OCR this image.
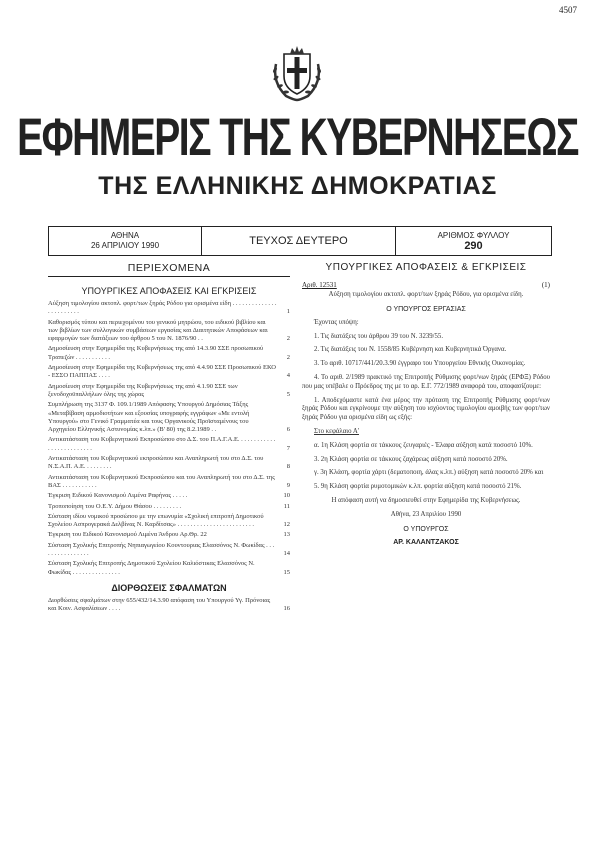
4507
ΕΦΗΜΕΡΙΣ ΤΗΣ ΚΥΒΕΡΝΗΣΕΩΣ
ΤΗΣ ΕΛΛΗΝΙΚΗΣ ΔΗΜΟΚΡΑΤΙΑΣ
ΑΘΗΝΑ
26 ΑΠΡΙΛΙΟΥ 1990	ΤΕΥΧΟΣ ΔΕΥΤΕΡΟ	ΑΡΙΘΜΟΣ ΦΥΛΛΟΥ
290
ΠΕΡΙΕΧΟΜΕΝΑ
ΥΠΟΥΡΓΙΚΕΣ ΑΠΟΦΑΣΕΙΣ ΚΑΙ ΕΓΚΡΙΣΕΙΣ
Αύξηση τιμολογίου ακτοπλ. φορτ/των ξηράς Ρόδου για ορισμένα είδη . . . . . . . . . . . . . . . . . . . . . . . .	1
Καθορισμός τύπου και περιεχομένου του γενικού μητρώου, του ειδικού βιβλίου και των βιβλίων των συλλογικών συμβάσεων εργασίας και Διαιτητικών Αποφάσεων και εφαρμογών των διατάξεων του άρθρου 5 του Ν. 1876/90 . .	2
Δημοσίευση στην Εφημερίδα της Κυβερνήσεως της από 14.3.90 ΣΣΕ προσωπικού Τραπεζών . . . . . . . . . . .	2
Δημοσίευση στην Εφημερίδα της Κυβερνήσεως της από 4.4.90 ΣΣΕ Προσωπικού ΕΚΟ - ΕΣΣΟ ΠΑΠΠΑΣ . . . .	4
Δημοσίευση στην Εφημερίδα της Κυβερνήσεως της από 4.1.90 ΣΣΕ των ξενοδοχοϋπαλλήλων όλης της χώρας	5
Συμπλήρωση της 3137 Φ. 109.1/1989 Απόφασης Υπουργού Δημόσιας Τάξης «Μεταβίβαση αρμοδιοτήτων και εξουσίας υπογραφής εγγράφων «Με εντολή Υπουργού» στο Γενικό Γραμματέα και τους Οργανικούς Προϊσταμένους του Αρχηγείου Ελληνικής Αστυνομίας κ.λπ.» (Β' 80) της 8.2.1989 . .	6
Αντικατάσταση του Κυβερνητικού Εκπροσώπου στο Δ.Σ. του Π.Α.Γ.Α.Ε. . . . . . . . . . . . . . . . . . . . . . . . . .	7
Αντικατάσταση του Κυβερνητικού εκπροσώπου και Αναπληρωτή του στο Δ.Σ. του Ν.Σ.Α.Π. Α.Ε. . . . . . . . .	8
Αντικατάσταση του Κυβερνητικού Εκπροσώπου και του Αναπληρωτή του στο Δ.Σ. της ΒΑΣ . . . . . . . . . . .	9
Έγκριση Ειδικού Κανονισμού Λιμένα Ραφήνας . . . . .	10
Τροποποίηση του Ο.Ε.Υ. Δήμου Θάσου . . . . . . . . .	11
Σύσταση ιδίου νομικού προσώπου με την επωνυμία «Σχολική επιτροπή Δημοτικού Σχολείου Ασπρογερακά Δελβίνας Ν. Καρδίτσας» . . . . . . . . . . . . . . . . . . . . . . . .	12
Έγκριση του Ειδικού Κανονισμού Λιμένα Άνδρου Αρ.Θρ. 22	13
Σύσταση Σχολικής Επιτροπής Νηπιαγωγείου Κουντουριας Ελασσόνος Ν. Φωκίδας . . . . . . . . . . . . . . . .	14
Σύσταση Σχολικής Επιτροπής Δημοτικού Σχολείου Καλιόστικας Ελασσόνος Ν. Φωκίδας . . . . . . . . . . . . . . .	15
ΔΙΟΡΘΩΣΕΙΣ ΣΦΑΛΜΑΤΩΝ
Διορθώσεις σφαλμάτων στην 655/432/14.3.90 απόφαση του Υπουργού Υγ. Πρόνοιας και Κοιν. Ασφαλίσεων . . . .	16
ΥΠΟΥΡΓΙΚΕΣ ΑΠΟΦΑΣΕΙΣ & ΕΓΚΡΙΣΕΙΣ
Αριθ. 12531	(1)

Αύξηση τιμολογίου ακτοπλ. φορτ/των ξηράς Ρόδου, για ορισμένα είδη.

Ο ΥΠΟΥΡΓΟΣ ΕΡΓΑΣΙΑΣ

Έχοντας υπόψη:

1. Τις διατάξεις του άρθρου 39 του Ν. 3239/55.

2. Τις διατάξεις του Ν. 1558/85 Κυβέρνηση και Κυβερνητικά Όργανα.

3. Το αριθ. 10717/441/20.3.90 έγγραφο του Υπουργείου Εθνικής Οικονομίας.

4. Το αριθ. 2/1989 πρακτικό της Επιτροπής Ρύθμισης φορτ/νων ξηράς (ΕΡΦΞ) Ρόδου που μας υπέβαλε ο Πρόεδρος της με το αρ. Ε.Γ. 772/1989 αναφορά του, αποφασίζουμε:

1. Αποδεχόμαστε κατά ένα μέρος την πρόταση της Επιτροπής Ρύθμισης φορτ/νων ξηράς Ρόδου και εγκρίνουμε την αύξηση του ισχύοντος τιμολογίου αμοιβής των φορτ/των ξηράς Ρόδου για ορισμένα είδη ως εξής:

Στο κεφάλαιο Α'

α. 1η Κλάση φορτία σε τάκκους ζευγαριές - Έλαφα αύξηση κατά ποσοστό 10%.

3. 2η Κλάση φορτία σε τάκκους ζαχάρεως αύξηση κατά ποσοστό 20%.

γ. 3η Κλάση, φορτία χάρτι (δεματοποιη, άλας κ.λπ.) αύξηση κατά ποσοστό 20% και

5. 9η Κλάση φορτία ρυμοτομικών κ.λπ. φορτία αύξηση κατά ποσοστό 21%.

Η απόφαση αυτή να δημοσιευθεί στην Εφημερίδα της Κυβερνήσεως.

Αθήνα, 23 Απριλίου 1990

Ο ΥΠΟΥΡΓΟΣ
ΑΡ. ΚΑΛΑΝΤΖΑΚΟΣ
